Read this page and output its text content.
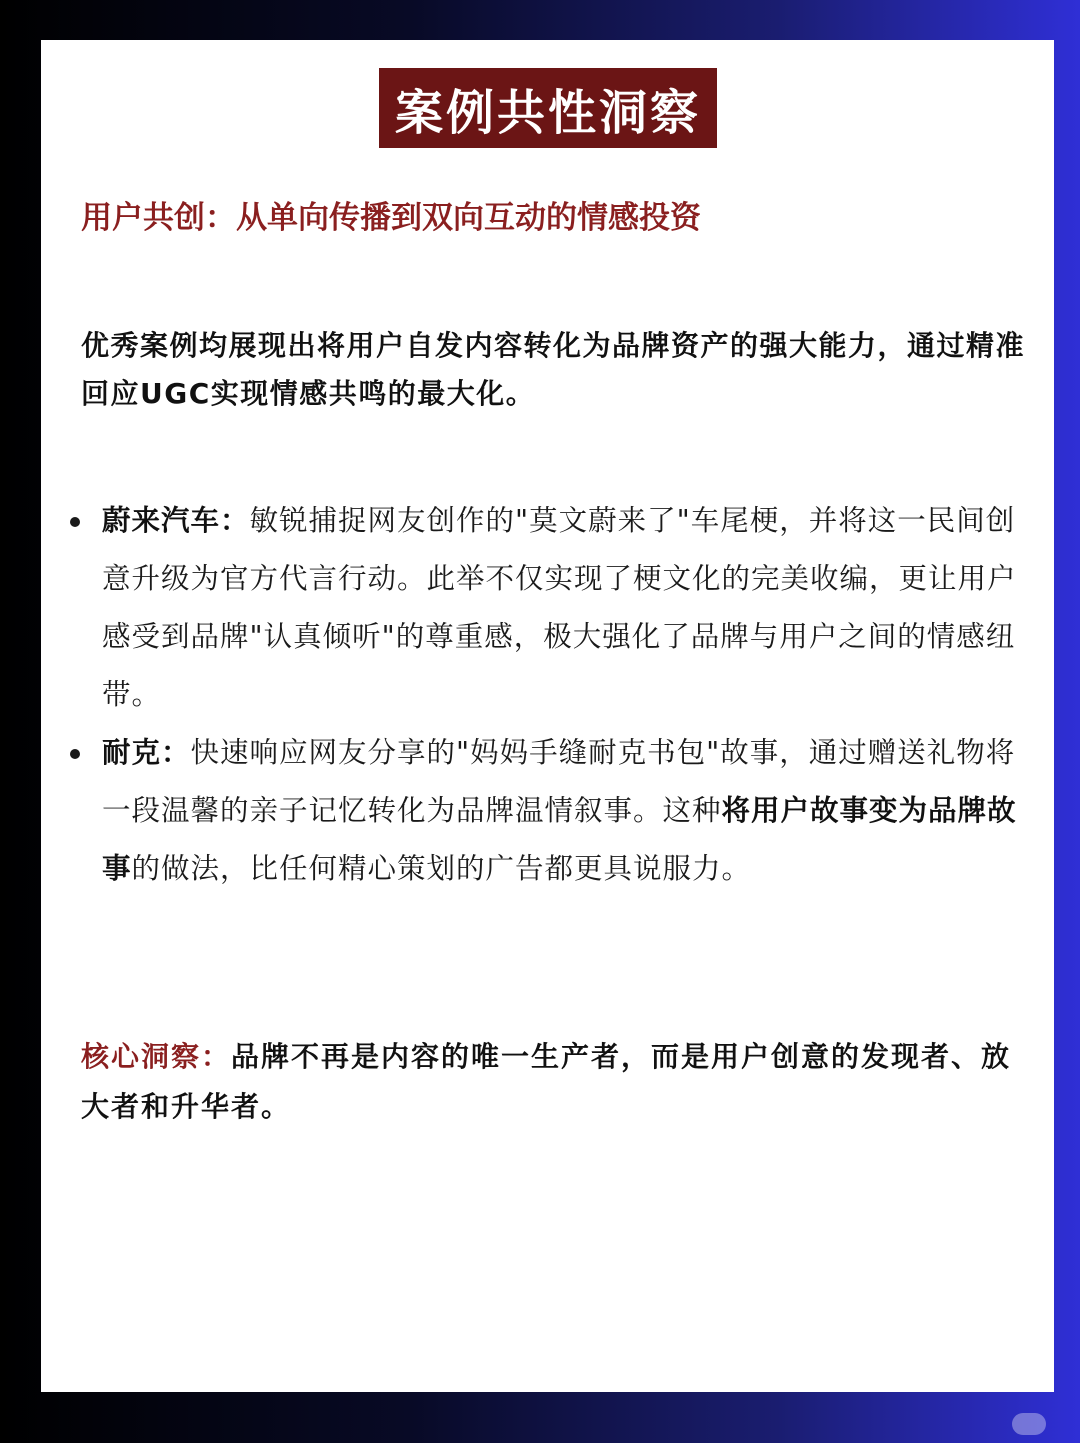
案例共性洞察
用户共创：从单向传播到双向互动的情感投资
优秀案例均展现出将用户自发内容转化为品牌资产的强大能力，通过精准回应UGC实现情感共鸣的最大化。
蔚来汽车：敏锐捕捉网友创作的"莫文蔚来了"车尾梗，并将这一民间创意升级为官方代言行动。此举不仅实现了梗文化的完美收编，更让用户感受到品牌"认真倾听"的尊重感，极大强化了品牌与用户之间的情感纽带。
耐克：快速响应网友分享的"妈妈手缝耐克书包"故事，通过赠送礼物将一段温馨的亲子记忆转化为品牌温情叙事。这种将用户故事变为品牌故事的做法，比任何精心策划的广告都更具说服力。
核心洞察：品牌不再是内容的唯一生产者，而是用户创意的发现者、放大者和升华者。
